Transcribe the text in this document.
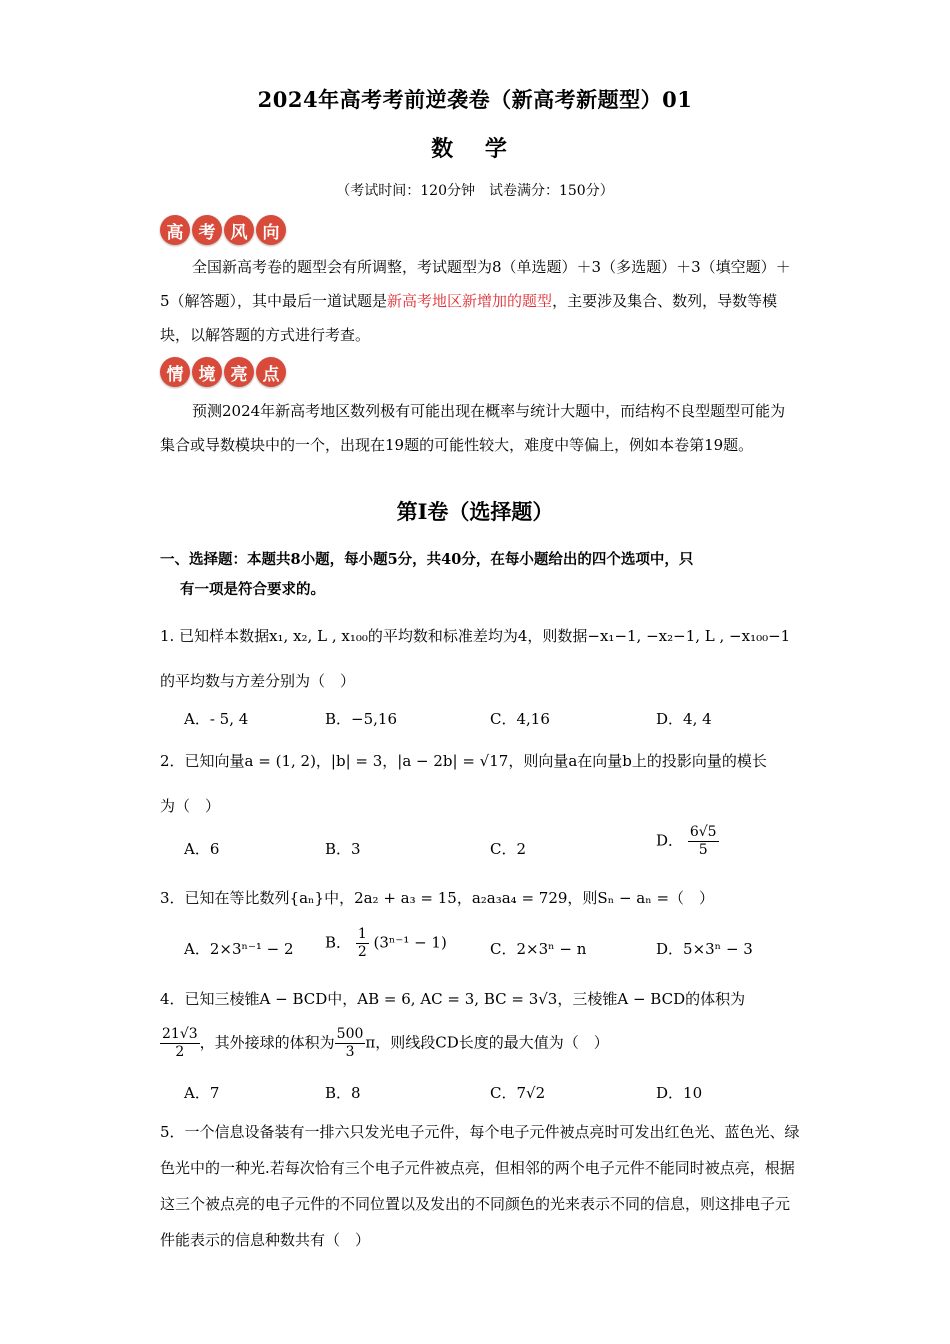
2024年高考考前逆袭卷（新高考新题型）01
数 学
（考试时间：120分钟　试卷满分：150分）
高 考 风 向
全国新高考卷的题型会有所调整，考试题型为8（单选题）＋3（多选题）＋3（填空题）＋5（解答题），其中最后一道试题是新高考地区新增加的题型，主要涉及集合、数列，导数等模块，以解答题的方式进行考查。
情 境 亮 点
预测2024年新高考地区数列极有可能出现在概率与统计大题中，而结构不良型题型可能为集合或导数模块中的一个，出现在19题的可能性较大，难度中等偏上，例如本卷第19题。
第I卷（选择题）
一、选择题：本题共8小题，每小题5分，共40分，在每小题给出的四个选项中，只
有一项是符合要求的。
1. 已知样本数据x₁, x₂, L , x₁₀₀的平均数和标准差均为4，则数据−x₁−1, −x₂−1, L , −x₁₀₀−1
的平均数与方差分别为（　）
A．- 5, 4	B．−5,16	C．4,16	D．4, 4
2．已知向量a = (1, 2)，|b| = 3，|a − 2b| = √17，则向量a在向量b上的投影向量的模长
为（　）
A．6	B．3	C．2	D． $\frac{6√5}{5}$
3．已知在等比数列{aₙ}中，2a₂ + a₃ = 15，a₂a₃a₄ = 729，则Sₙ − aₙ =（　）
A．2×3ⁿ⁻¹ − 2 B． $\frac{1}{2} (3^{n-1} - 1)$	C．2×3ⁿ − n	D．5×3ⁿ − 3
4．已知三棱锥A − BCD中，AB = 6, AC = 3, BC = 3√3，三棱锥A − BCD的体积为
$\frac{21√3}{2}$ ，其外接球的体积为 $\frac{500}{3}$ π，则线段CD长度的最大值为（　）
A．7	B．8	C．7√2	D．10
5．一个信息设备装有一排六只发光电子元件，每个电子元件被点亮时可发出红色光、蓝色光、绿色光中的一种光.若每次恰有三个电子元件被点亮，但相邻的两个电子元件不能同时被点亮，根据这三个被点亮的电子元件的不同位置以及发出的不同颜色的光来表示不同的信息，则这排电子元件能表示的信息种数共有（　）
